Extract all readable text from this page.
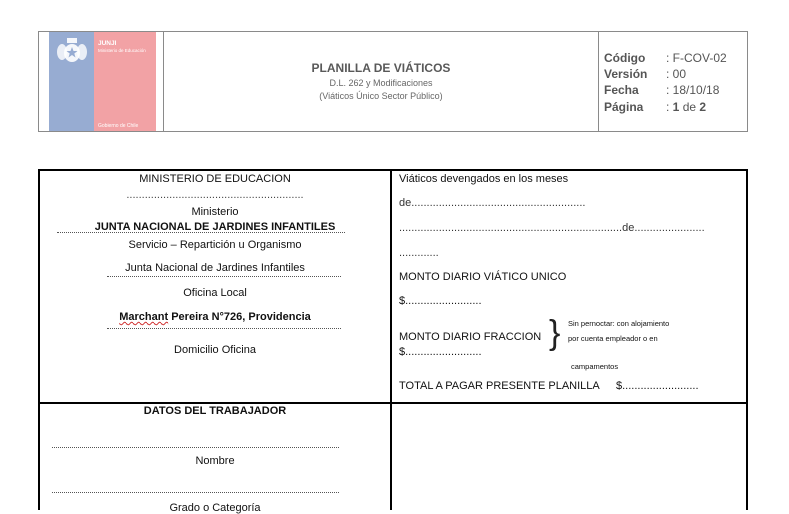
JUNJI
Ministerio de Educación
Gobierno de Chile
PLANILLA DE VIÁTICOS
D.L. 262 y Modificaciones
(Viáticos Único Sector Público)
Código : F-COV-02
Versión : 00
Fecha : 18/10/18
Página : 1 de 2
MINISTERIO DE EDUCACION
..........................................................
Ministerio
JUNTA NACIONAL DE JARDINES INFANTILES
Servicio – Repartición u Organismo
Junta Nacional de Jardines Infantiles
Oficina Local
Marchant Pereira N°726, Providencia
Domicilio Oficina
Viáticos devengados en los meses
de.........................................................
.........................................................................de.......................
.............
MONTO DIARIO VIÁTICO UNICO
$.........................
MONTO DIARIO FRACCION } Sin pernoctar: con alojamiento
por cuenta empleador o en
$.........................
campamentos
TOTAL A PAGAR PRESENTE PLANILLA $.........................
DATOS DEL TRABAJADOR
Nombre
Grado o Categoría
